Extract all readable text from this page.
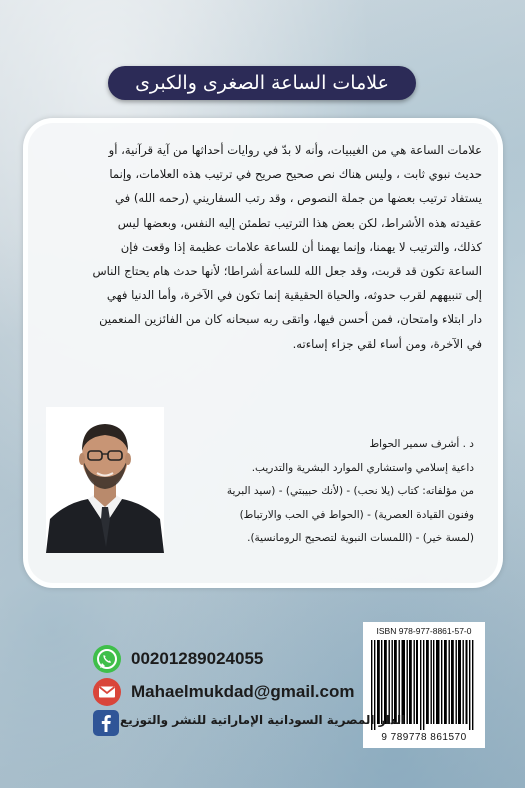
علامات الساعة الصغرى والكبرى
علامات الساعة هي من الغيبيات، وأنه لا بدّ في روايات أحداثها من آية قرآنية، أو
حديث نبوي ثابت ، وليس هناك نص صحيح صريح في ترتيب هذه العلامات، وإنما
يستفاد ترتيب بعضها من جملة النصوص ، وقد رتب السفاريني (رحمه الله) في
عقيدته هذه الأشراط، لكن بعض هذا الترتيب تطمئن إليه النفس، وبعضها ليس
كذلك، والترتيب لا يهمنا، وإنما يهمنا أن للساعة علامات عظيمة إذا وقعت فإن
الساعة تكون قد قربت، وقد جعل الله للساعة أشراطا؛ لأنها حدث هام يحتاج الناس
إلى تنبيههم لقرب حدوثه، والحياة الحقيقية إنما تكون في الآخرة، وأما الدنيا فهي
دار ابتلاء وامتحان، فمن أحسن فيها، واتقى ربه سبحانه كان من الفائزين المنعمين
في الآخرة، ومن أساء لقي جزاء إساءته.
د . أشرف سمير الحواط
داعية إسلامي واستشاري الموارد البشرية والتدريب.
من مؤلفاته: كتاب (يلا نحب) - (لأنك حبيبتي) - (سيد البرية
وفنون القيادة العصرية) - (الحواط في الحب والارتباط)
(لمسة خير) - (اللمسات النبوية لتصحيح الرومانسية).
ISBN 978-977-8861-57-0
9 789778 861570
00201289024055
Mahaelmukdad@gmail.com
الدار المصرية السودانية الإماراتية للنشر والتوزيع
